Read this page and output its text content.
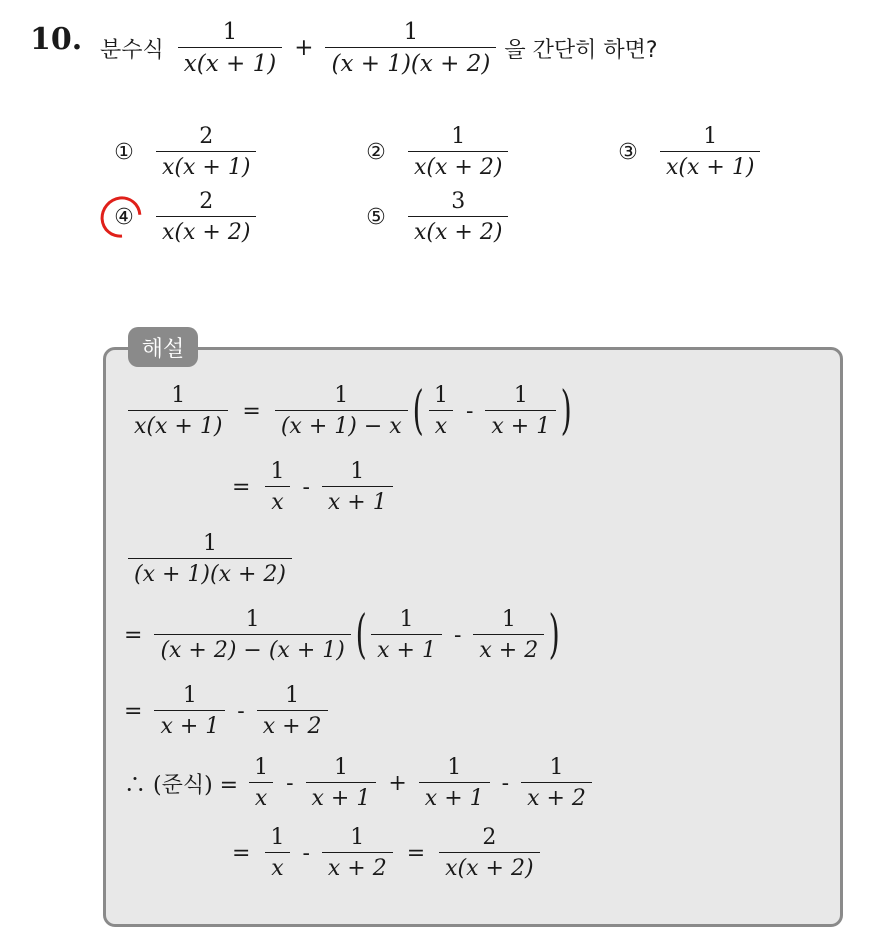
10. 분수식 $\frac{1}{x(x + 1)} + \frac{1}{(x + 1)(x + 2)}$ 을 간단히 하면?
① $\frac{2}{x(x + 1)}$	② $\frac{1}{x(x + 2)}$	③ $\frac{1}{x(x + 1)}$
④ $\frac{2}{x(x + 2)}$	⑤ $\frac{3}{x(x + 2)}$
해설
$\frac{1}{x(x + 1)} = \frac{1}{(x + 1) - x}$ ( $\frac{1}{x} - \frac{1}{x + 1}$ )
= $\frac{1}{x} - \frac{1}{x + 1}$
$\frac{1}{(x + 1)(x + 2)}$
= $\frac{1}{(x + 2) - (x + 1)}$ ( $\frac{1}{x + 1} - \frac{1}{x + 2}$ )
= $\frac{1}{x + 1} - \frac{1}{x + 2}$
∴ (준식) = $\frac{1}{x} - \frac{1}{x + 1} + \frac{1}{x + 1} - \frac{1}{x + 2}$
= $\frac{1}{x} - \frac{1}{x + 2} = \frac{2}{x(x + 2)}$
